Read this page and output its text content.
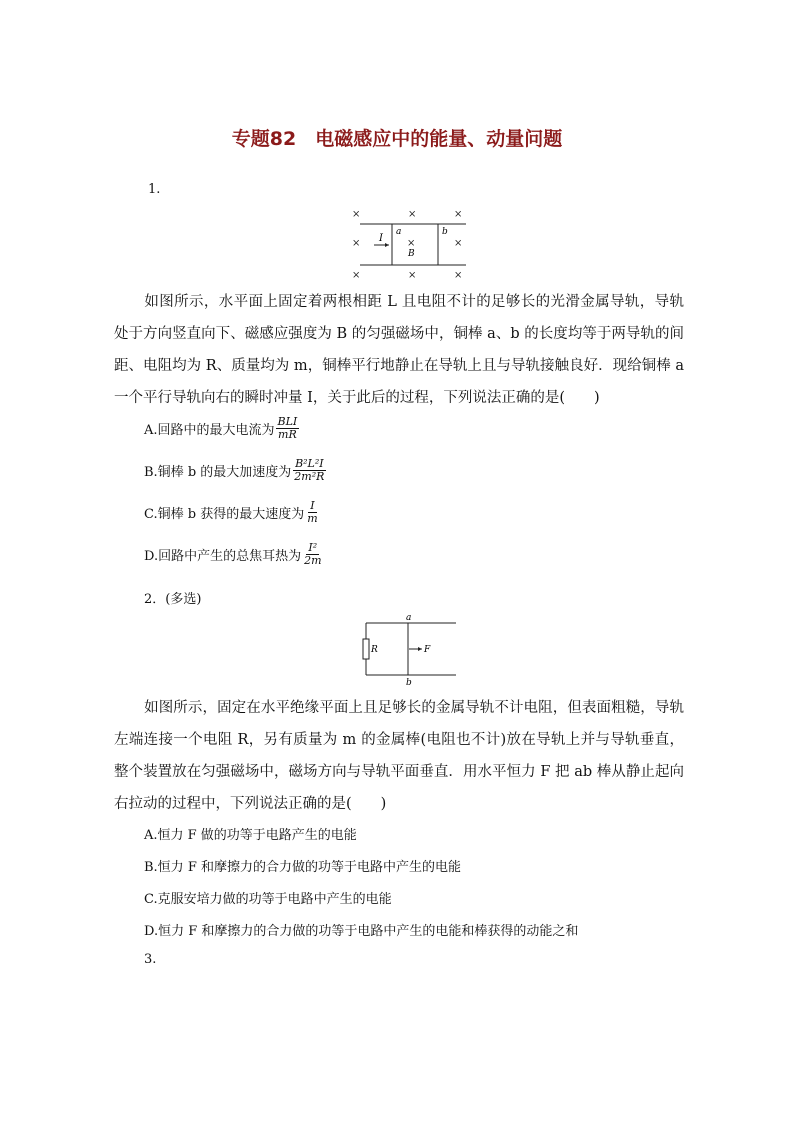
专题82　电磁感应中的能量、动量问题
1.
×	×	×
×	×
×	×	×
×
I
a	b
B
如图所示，水平面上固定着两根相距 L 且电阻不计的足够长的光滑金属导轨，导轨处于方向竖直向下、磁感应强度为 B 的匀强磁场中，铜棒 a、b 的长度均等于两导轨的间距、电阻均为 R、质量均为 m，铜棒平行地静止在导轨上且与导轨接触良好．现给铜棒 a 一个平行导轨向右的瞬时冲量 I，关于此后的过程，下列说法正确的是(　　)
A.回路中的最大电流为 $\frac{\text{BLI}}{mR}$
B.铜棒 b 的最大加速度为 $\frac{\text{B²L²I}}{\text{2m²R}}$
C.铜棒 b 获得的最大速度为 $\frac{I}{m}$
D.回路中产生的总焦耳热为 $\frac{\text{I²}}{2m}$
2．(多选)
R	F
a
b
如图所示，固定在水平绝缘平面上且足够长的金属导轨不计电阻，但表面粗糙，导轨左端连接一个电阻 R，另有质量为 m 的金属棒(电阻也不计)放在导轨上并与导轨垂直，整个装置放在匀强磁场中，磁场方向与导轨平面垂直．用水平恒力 F 把 ab 棒从静止起向右拉动的过程中，下列说法正确的是(　　)
A.恒力 F 做的功等于电路产生的电能
B.恒力 F 和摩擦力的合力做的功等于电路中产生的电能
C.克服安培力做的功等于电路中产生的电能
D.恒力 F 和摩擦力的合力做的功等于电路中产生的电能和棒获得的动能之和
3.
